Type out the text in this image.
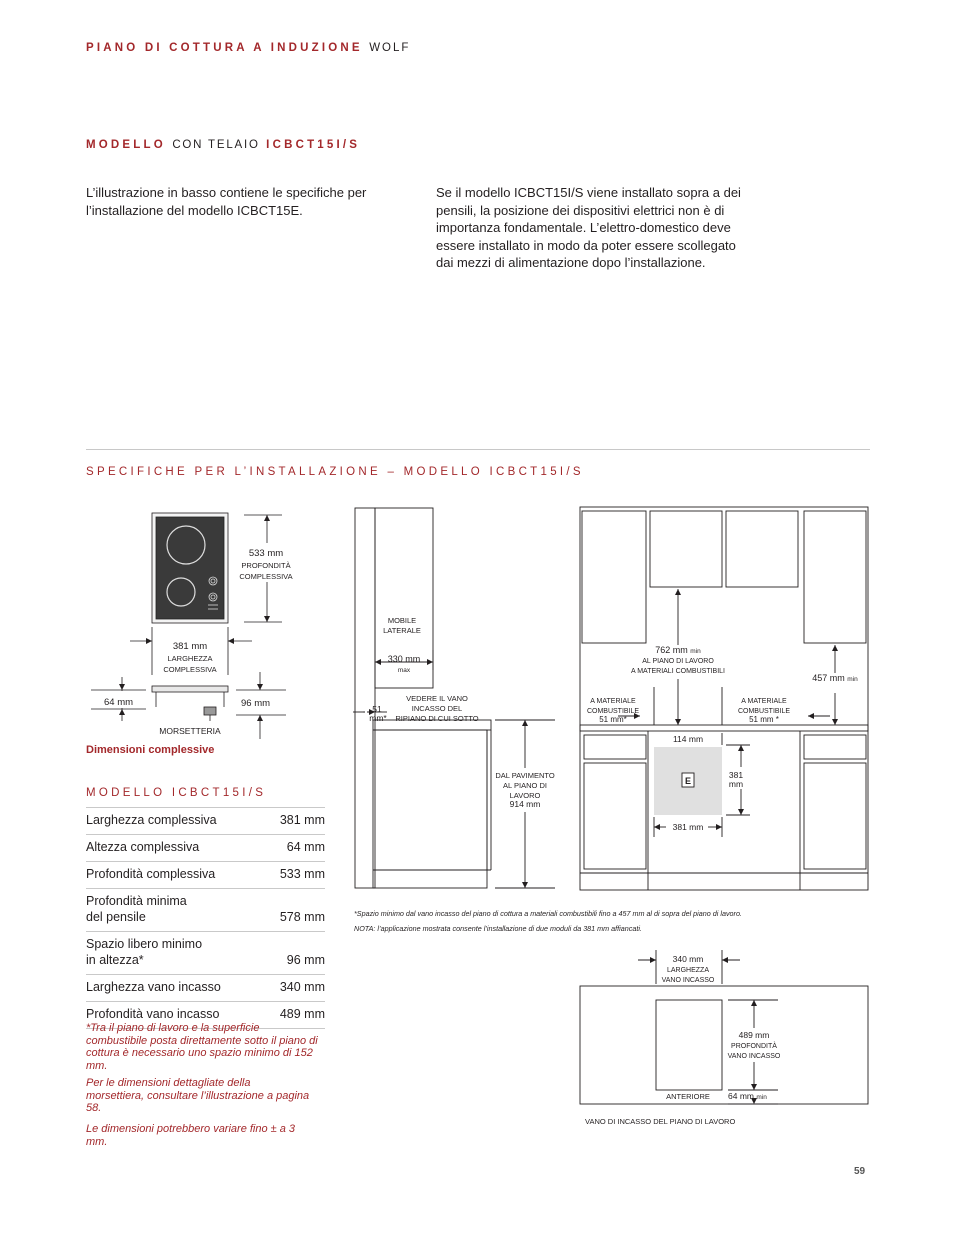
PIANO DI COTTURA A INDUZIONE WOLF
MODELLO CON TELAIO ICBCT15I/S
L’illustrazione in basso contiene le specifiche per l’installazione del modello ICBCT15E.
Se il modello ICBCT15I/S viene installato sopra a dei pensili, la posizione dei dispositivi elettrici non è di importanza fondamentale. L’elettro-domestico deve essere installato in modo da poter essere scollegato dai mezzi di alimentazione dopo l’installazione.
SPECIFICHE PER L’INSTALLAZIONE – MODELLO ICBCT15I/S
533 mm
PROFONDITÀ
COMPLESSIVA
381 mm
LARGHEZZA
COMPLESSIVA
64 mm	96 mm
MORSETTERIA
Dimensioni complessive
MODELLO ICBCT15I/S
Larghezza complessiva	381 mm
Altezza complessiva	64 mm
Profondità complessiva	533 mm
Profondità minima
del pensile	578 mm
Spazio libero minimo
in altezza*	96 mm
Larghezza vano incasso	340 mm
Profondità vano incasso	489 mm
*Tra il piano di lavoro e la superficie combustibile posta direttamente sotto il piano di cottura è necessario uno spazio minimo di 152 mm.
Per le dimensioni dettagliate della morsettiera, consultare l’illustrazione a pagina 58.
Le dimensioni potrebbero variare fino ± a 3 mm.
MOBILE
LATERALE
330 mm
max
51
mm*
VEDERE IL VANO
INCASSO DEL
RIPIANO DI CUI SOTTO
DAL PAVIMENTO
AL PIANO DI
LAVORO
914 mm
762 mm min
AL PIANO DI LAVORO
A MATERIALI COMBUSTIBILI
457 mm min
A MATERIALE
COMBUSTIBILE
51 mm*
A MATERIALE
COMBUSTIBILE
51 mm *
114 mm
E
381
mm
381 mm
*Spazio minimo dal vano incasso del piano di cottura a materiali combustibili fino a 457 mm al di sopra del piano di lavoro.
NOTA: l’applicazione mostrata consente l’installazione di due moduli da 381 mm affiancati.
340 mm
LARGHEZZA
VANO INCASSO
489 mm
PROFONDITÀ
VANO INCASSO
ANTERIORE 64 mm min
VANO DI INCASSO DEL PIANO DI LAVORO
59
